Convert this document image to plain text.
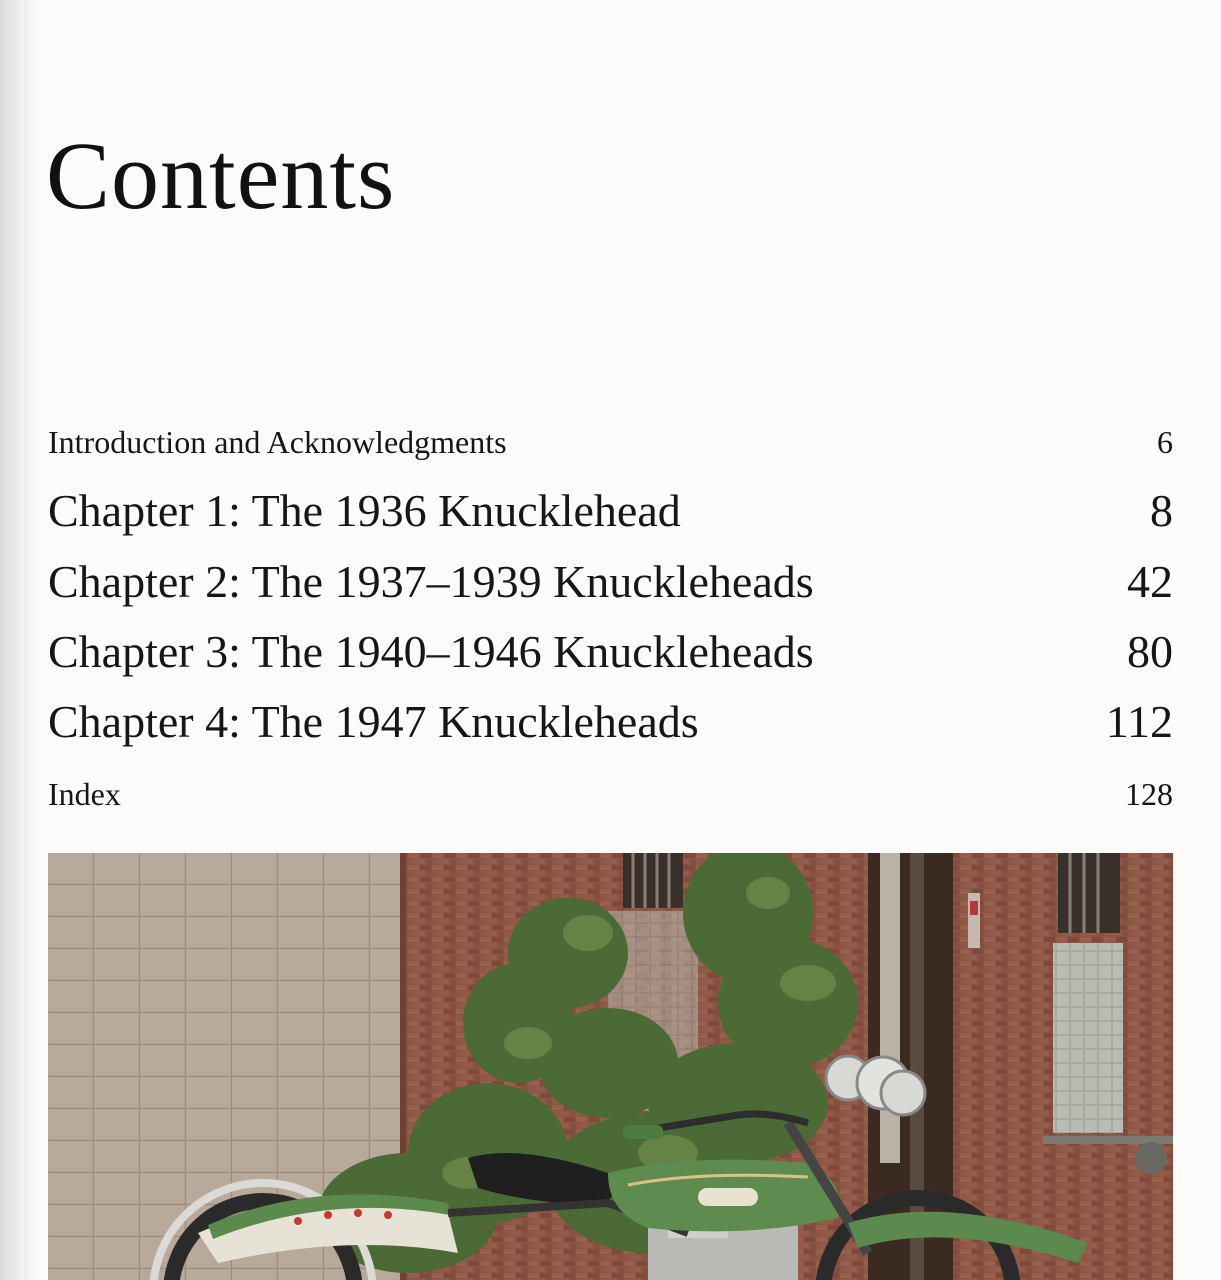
Contents
Introduction and Acknowledgments	6
Chapter 1: The 1936 Knucklehead	8
Chapter 2: The 1937–1939 Knuckleheads	42
Chapter 3: The 1940–1946 Knuckleheads	80
Chapter 4: The 1947 Knuckleheads	112
Index	128
